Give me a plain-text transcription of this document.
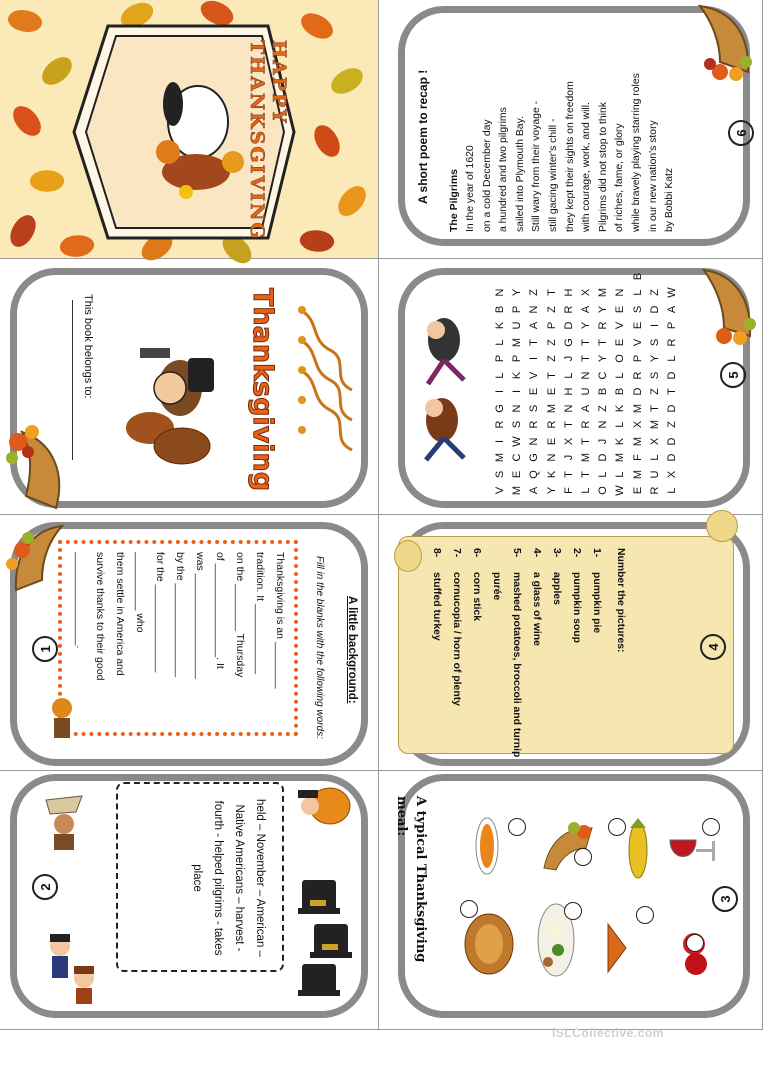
HAPPY THANKSGIVING	A short poem to recap ! The Pilgrims In the year of 1620 on a cold December day a hundred and two pilgrims sailed into Plymouth Bay. Still wary from their voyage - still gacing winter's chill - they kept their sights on freedom with courage, work, and will. Pilgrims did not stop to think of riches, fame, or glory while bravely playing starring roles in our new nation's story by Bobbi Katz
6
Thanksgiving
This book belongs to:
V
S
M
I
R
G
I
L
P
L
K
B
N
M
E
C
W
S
N
I
K
P
M
U
P
Y
A
Q
G
N
R
S
E
V
I
T
A
N
Z
Y
K
N
E
R
M
E
T
Z
Z
P
Z
T
F
T
J
X
T
N
H
L
J
G
D
R
H
L
T
M
T
R
A
U
N
T
T
Y
A
X
O
L
D
J
N
Z
B
C
Y
T
R
Y
M
W
L
M
K
L
K
B
L
O
E
V
E
N
E
M
F
M
X
M
D
R
P
V
E
S
L
B
R
U
L
X
M
T
Z
S
Y
S
I
D
Z
L
X
D
D
Z
D
T
D
L
R
P
A
W
5
A little background:
Fill in the blanks with the following words:
Thanksgiving is an ________
tradition. It ____________
on the ________ Thursday
of ________________. It
was __________________
by the ________________
for the _______________
__________ who
them settle in America and
survive thanks to their good
________________.
1
held – November – American – Native Americans – harvest - fourth - helped pilgrims - takes place
2
Number the pictures:
1-
pumpkin pie
2-
pumpkin soup
3-
apples
4-
a glass of wine
5-
mashed potatoes, broccoli and turnip purée
6-
corn stick
7-
cornucopia / horn of plenty
8-
stuffed turkey
4
A typical Thanksgiving meal:
3
iSLCollective.com
